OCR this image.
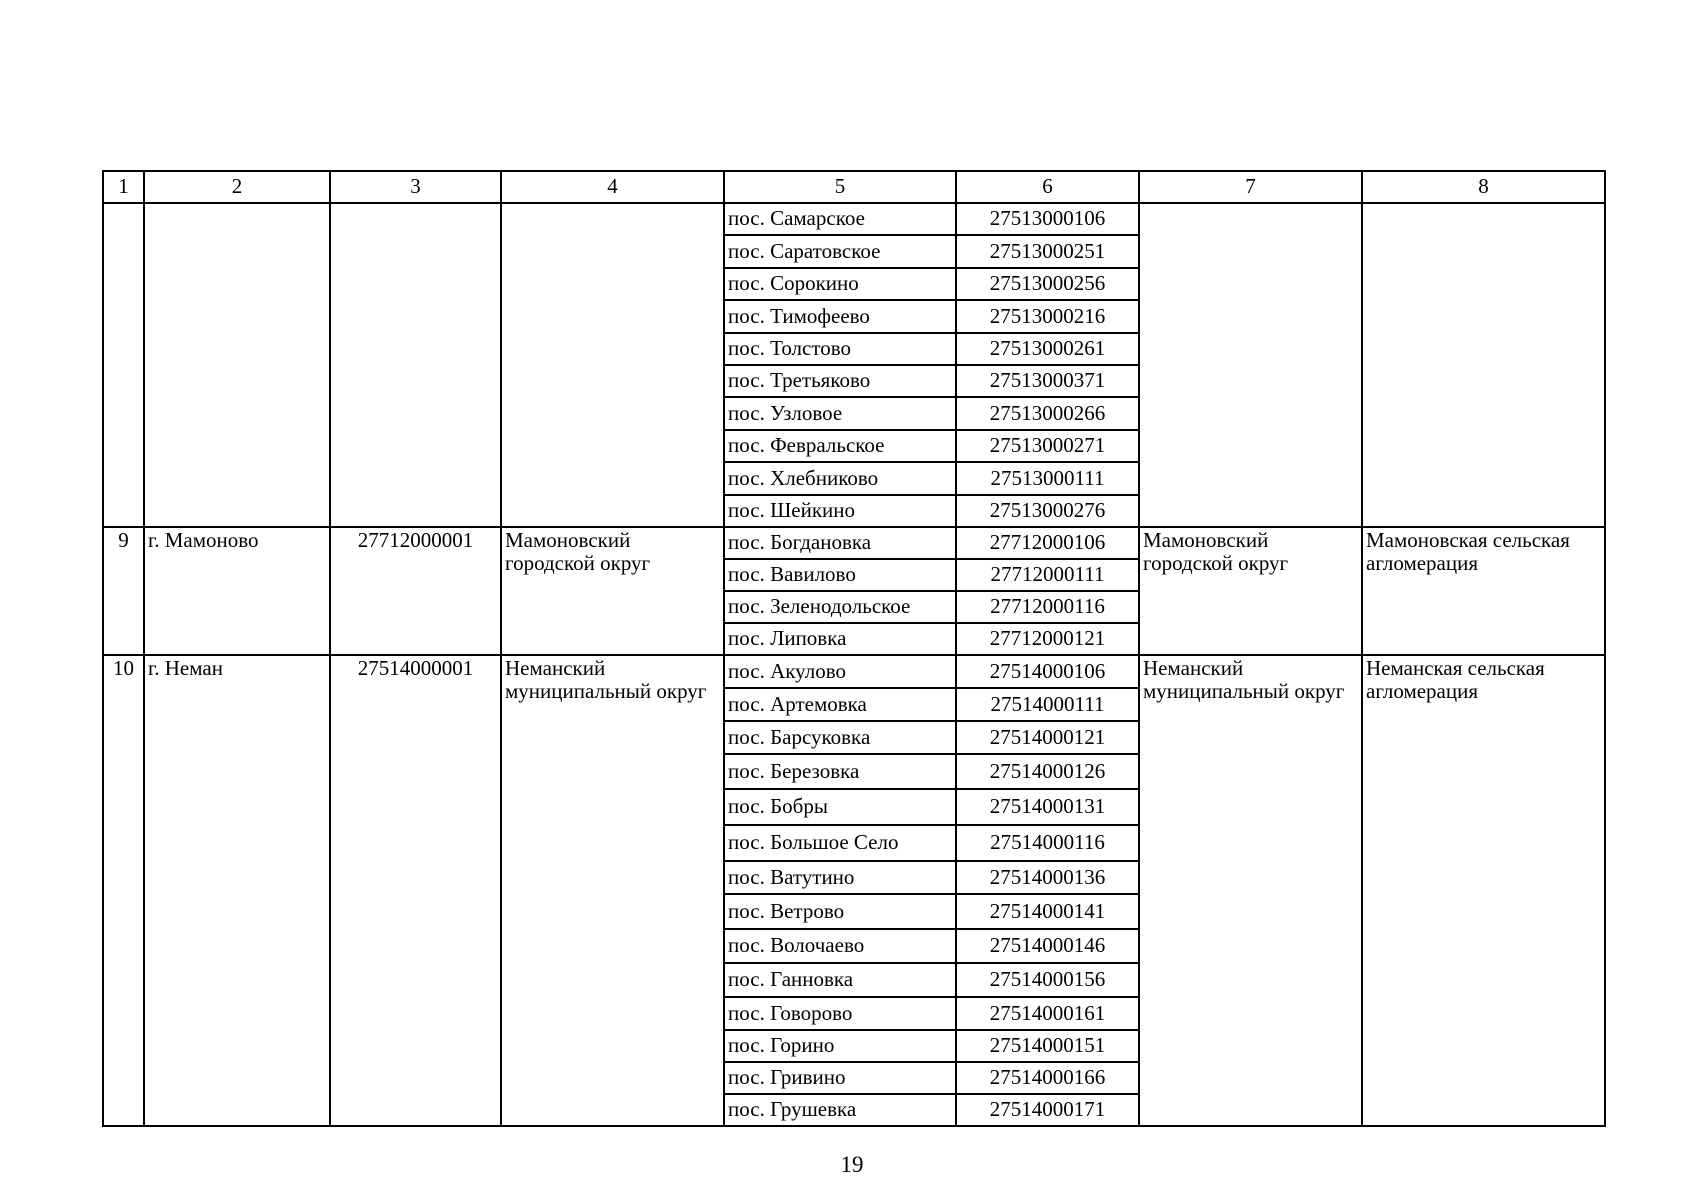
1	2	3	4	5	6	7	8
				пос. Самарское	27513000106		
				пос. Саратовское	27513000251		
				пос. Сорокино	27513000256		
				пос. Тимофеево	27513000216		
				пос. Толстово	27513000261		
				пос. Третьяково	27513000371		
				пос. Узловое	27513000266		
				пос. Февральское	27513000271		
				пос. Хлебниково	27513000111		
				пос. Шейкино	27513000276		
9	г. Мамоново	27712000001	Мамоновский городской округ	пос. Богдановка	27712000106	Мамоновский городской округ	Мамоновская сельская агломерация
				пос. Вавилово	27712000111		
				пос. Зеленодольское	27712000116		
				пос. Липовка	27712000121		
10	г. Неман	27514000001	Неманский муниципальный округ	пос. Акулово	27514000106	Неманский муниципальный округ	Неманская сельская агломерация
				пос. Артемовка	27514000111		
				пос. Барсуковка	27514000121		
				пос. Березовка	27514000126		
				пос. Бобры	27514000131		
				пос. Большое Село	27514000116		
				пос. Ватутино	27514000136		
				пос. Ветрово	27514000141		
				пос. Волочаево	27514000146		
				пос. Ганновка	27514000156		
				пос. Говорово	27514000161		
				пос. Горино	27514000151		
				пос. Гривино	27514000166		
				пос. Грушевка	27514000171		
19
